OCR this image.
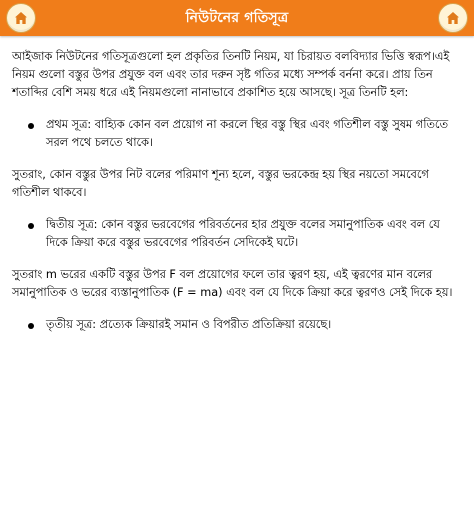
নিউটনের গতিসূত্র

আইজাক নিউটনের গতিসূত্রগুলো হল প্রকৃতির তিনটি নিয়ম, যা চিরায়ত বলবিদ্যার ভিত্তি স্বরূপ।এই নিয়ম গুলো বস্তুর উপর প্রযুক্ত বল এবং তার দরুন সৃষ্ট গতির মধ্যে সম্পর্ক বর্ননা করে। প্রায় তিন শতাব্দির বেশি সময় ধরে এই নিয়মগুলো নানাভাবে প্রকাশিত হয়ে আসছে। সূত্র তিনটি হল:

প্রথম সূত্র: বাহ্যিক কোন বল প্রয়োগ না করলে স্থির বস্তু স্থির এবং গতিশীল বস্তু সুষম গতিতে সরল পথে চলতে থাকে।

সুতরাং, কোন বস্তুর উপর নিট বলের পরিমাণ শূন্য হলে, বস্তুর ভরকেন্দ্র হয় স্থির নয়তো সমবেগে গতিশীল থাকবে।

দ্বিতীয় সূত্র: কোন বস্তুর ভরবেগের পরিবর্তনের হার প্রযুক্ত বলের সমানুপাতিক এবং বল যে দিকে ক্রিয়া করে বস্তুর ভরবেগের পরিবর্তন সেদিকেই ঘটে।

সুতরাং m ভরের একটি বস্তুর উপর F বল প্রয়োগের ফলে তার ত্বরণ হয়, এই ত্বরণের মান বলের সমানুপাতিক ও ভরের ব্যস্তানুপাতিক (F = ma) এবং বল যে দিকে ক্রিয়া করে ত্বরণও সেই দিকে হয়।

তৃতীয় সূত্র: প্রত্যেক ক্রিয়ারই সমান ও বিপরীত প্রতিক্রিয়া রয়েছে।
